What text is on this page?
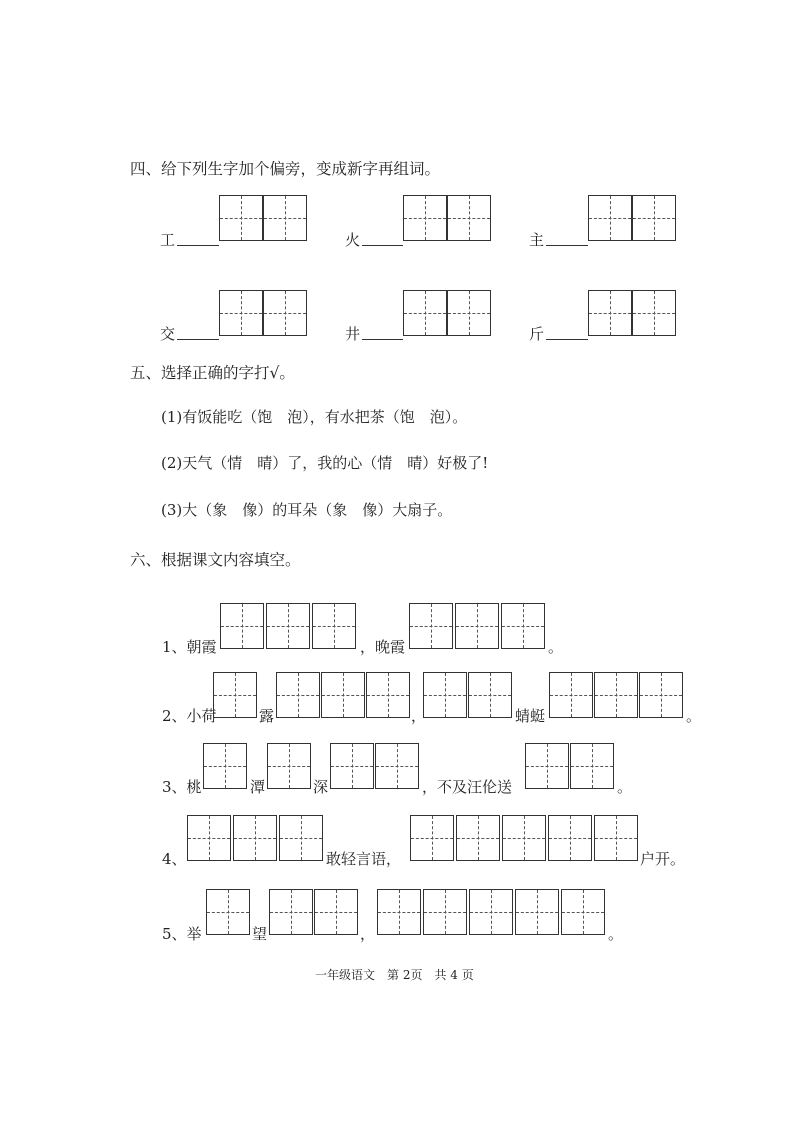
四、给下列生字加个偏旁，变成新字再组词。
工	火	主
交	井	斤
五、选择正确的字打√。
(1)有饭能吃（饱　泡），有水把茶（饱　泡）。
(2)天气（情　晴）了，我的心（情　晴）好极了!
(3)大（象　像）的耳朵（象　像）大扇子。
六、根据课文内容填空。
1、朝霞	，晚霞	。
2、小荷	露	，	蜻蜓	。
3、桃	潭	深	，不及汪伦送	。
4、	敢轻言语，	户开。
5、举	望	，	。
一年级语文　第 2页　共 4 页
